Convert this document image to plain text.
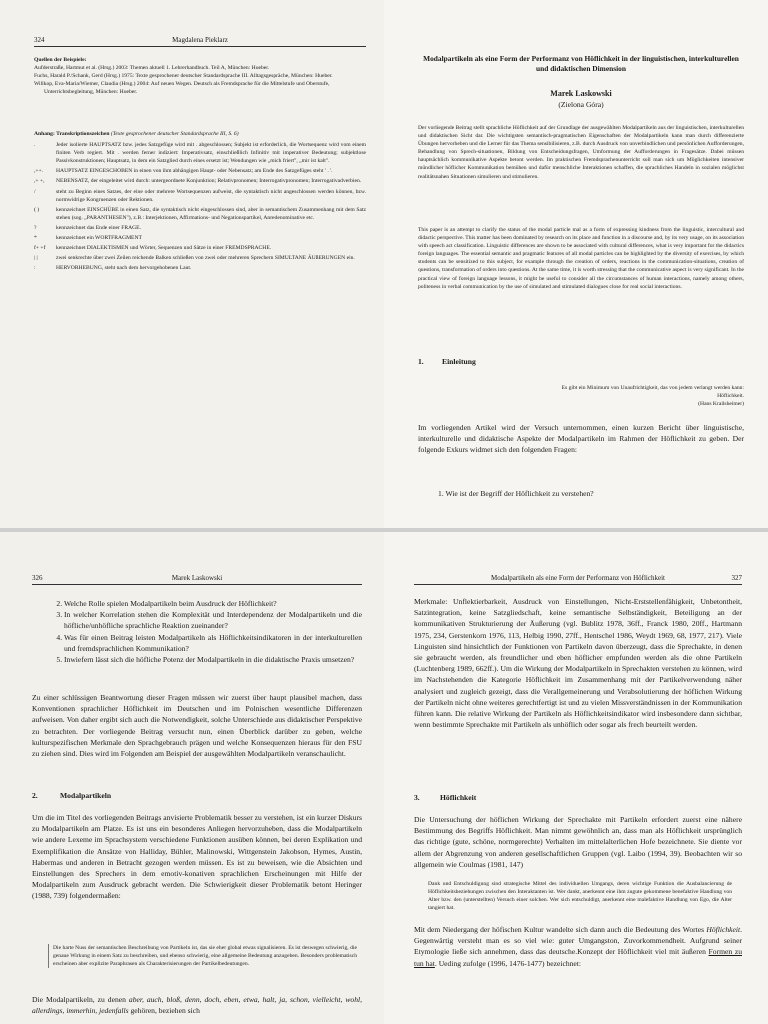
324	Magdalena Pieklarz
Quellen der Beispiele:
Aufderstraße, Hartmut et al. (Hrsg.) 2003: Themen aktuell 1. Lehrerhandbuch. Teil A, München: Hueber.
Fuchs, Harald P./Schank, Gerd (Hrsg.) 1975: Texte gesprochener deutscher Standardsprache III. Alltagsgespräche, München: Hueber.
Willkop, Eva-Maria/Wiemer, Claudia (Hrsg.) 2004: Auf neuen Wegen. Deutsch als Fremdsprache für die Mittelstufe und Oberstufe, Unterrichtsbegleitung, München: Hueber.
Anhang: Transkriptionszeichen (Texte gesprochener deutscher Standardsprache III, S. 6)
.	Jeder isolierte HAUPTSATZ bzw. jedes Satzgefüge wird mit . abgeschlossen; Subjekt ist erforderlich, die Wortsequenz wird vom einem finiten Verb regiert. Mit . werden ferner indiziert: Imperativsatz, einschließlich Infinitiv mit imperativer Bedeutung; subjektlose Passivkonstruktionen; Hauptsatz, in dem ein Satzglied durch eines ersetzt ist; Wendungen wie „mich friert", „mir ist kalt".
,++.	HAUPTSATZ EINGESCHOBEN in einen von ihm abhängigen Haupt- oder Nebensatz; am Ende des Satzgefüges steht ' . '.
,+ +,	NEBENSATZ, der eingeleitet wird durch: untergeordnete Konjunktion; Relativpronomen; Interrogativpronomen; Interrogativadverbien.
/	steht zu Beginn eines Satzes, der eine oder mehrere Wortsequenzen aufweist, die syntaktisch nicht angeschlossen werden können, bzw. normwidrige Kongruenzen oder Rektionen.
( )	kennzeichnet EINSCHÜBE in einen Satz, die syntaktisch nicht eingeschlossen sind, aber in semantischem Zusammenhang mit dem Satz stehen (sog. „PARANTHESEN"), z.B.: Interjektionen, Affirmations- und Negationspartikel, Anredenominative etc.
?	kennzeichnet das Ende einer FRAGE.
*	kennzeichnet ein WORTFRAGMENT
f+ +f	kennzeichnet DIALEKTISMEN und Wörter, Sequenzen und Sätze in einer FREMDSPRACHE.
| |	zwei senkrechte über zwei Zeilen reichende Balken schließen von zwei oder mehreren Sprechern SIMULTANE ÄUßERUNGEN ein.
:	HERVORHEBUNG, steht nach dem hervorgehobenen Laut.
Modalpartikeln als eine Form der Performanz von Höflichkeit in der linguistischen, interkulturellen und didaktischen Dimension
Marek Laskowski
(Zielona Góra)
Der vorliegende Beitrag stellt sprachliche Höflichkeit auf der Grundlage der ausgewählten Modalpartikeln aus der linguistischen, interkulturellen und didaktischen Sicht dar. Die wichtigsten semantisch-pragmatischen Eigenschaften der Modalpartikeln kann man durch differenzierte Übungen hervorheben und die Lerner für das Thema sensibilisieren, z.B. durch Ausdruck von unverbindlichen und persönlichen Aufforderungen, Behandlung von Sprech-situationen, Bildung von Entscheidungsfragen, Umformung der Aufforderungen in Fragesätze. Dabei müssen hauptsächlich kommunikative Aspekte betont werden. Im praktischen Fremdsprachenunterricht soll man sich um Möglichkeiten intensiver mündlicher höflicher Kommunikation bemühen und dafür menschliche Interaktionen schaffen, die sprachliches Handeln in sozialen möglichst realitätsnahen Situationen simulieren und stimulieren.
This paper is an attempt to clarify the status of the modal particle mal as a form of expressing kindness from the linguistic, intercultural and didactic perspective. This matter has been dominated by research on its place and function in a discourse and, by its very usage, on its association with speech act classification. Linguistic differences are shown to be associated with cultural differences, what is very important for the didactics foreign languages. The essential semantic and pragmatic features of all modal particles can be highlighted by the diversity of exercises, by which students can be sensitized to this subject, for example through the creation of orders, reactions in the communication-situations, creation of questions, transformation of orders into questions. At the same time, it is worth stressing that the communicative aspect is very significant. In the practical view of foreign language lessons, it might be useful to consider all the circumstances of human interactions, namely among others, politeness in verbal communication by the use of simulated and stimulated dialogues close for real social interactions.
1. Einleitung
Es gibt ein Minimum von Unaufrichtigkeit, das von jedem verlangt werden kann: Höflichkeit.
(Hans Krailsheimer)
Im vorliegenden Artikel wird der Versuch unternommen, einen kurzen Bericht über linguistische, interkulturelle und didaktische Aspekte der Modalpartikeln im Rahmen der Höflichkeit zu geben. Der folgende Exkurs widmet sich den folgenden Fragen:
1. Wie ist der Begriff der Höflichkeit zu verstehen?
326	Marek Laskowski
2. Welche Rolle spielen Modalpartikeln beim Ausdruck der Höflichkeit?
3. In welcher Korrelation stehen die Komplexität und Interdependenz der Modalpartikeln und die höfliche/unhöfliche sprachliche Reaktion zueinander?
4. Was für einen Beitrag leisten Modalpartikeln als Höflichkeitsindikatoren in der interkulturellen und fremdsprachlichen Kommunikation?
5. Inwiefern lässt sich die höfliche Potenz der Modalpartikeln in die didaktische Praxis umsetzen?
Zu einer schlüssigen Beantwortung dieser Fragen müssen wir zuerst über haupt plausibel machen, dass Konventionen sprachlicher Höflichkeit im Deutschen und im Polnischen wesentliche Differenzen aufweisen. Von daher ergibt sich auch die Notwendigkeit, solche Unterschiede aus didaktischer Perspektive zu betrachten. Der vorliegende Beitrag versucht nun, einen Überblick darüber zu geben, welche kulturspezifischen Merkmale den Sprachgebrauch prägen und welche Konsequenzen hieraus für den FSU zu ziehen sind. Dies wird im Folgenden am Beispiel der ausgewählten Modalpartikeln veranschaulicht.
2.	Modalpartikeln
Um die im Titel des vorliegenden Beitrags anvisierte Problematik besser zu verstehen, ist ein kurzer Diskurs zu Modalpartikeln am Platze. Es ist uns ein besonderes Anliegen hervorzuheben, dass die Modalpartikeln wie andere Lexeme im Sprachsystem verschiedene Funktionen ausüben können, bei deren Explikation und Exemplifikation die Ansätze von Halliday, Bühler, Malinowski, Wittgenstein Jakobson, Hymes, Austin, Habermas und anderen in Betracht gezogen werden müssen. Es ist zu beweisen, wie die Absichten und Einstellungen des Sprechers in dem emotiv-konativen sprachlichen Erscheinungen mit Hilfe der Modalpartikeln zum Ausdruck gebracht werden. Die Schwierigkeit dieser Problematik betont Heringer (1988, 739) folgendermaßen:
Die harte Nuss der semantischen Beschreibung von Partikeln ist, das sie eher global etwas signalisieren. Es ist deswegen schwierig, die genaue Wirkung in einem Satz zu beschreiben, und ebenso schwierig, eine allgemeine Bedeutung anzugeben. Besonders problematisch erscheinen aber explizite Paraphrasen als Charakterisierungen der Partikelbedeutungen.
Die Modalpartikeln, zu denen aber, auch, bloß, denn, doch, eben, etwa, halt, ja, schon, vielleicht, wohl, allerdings, immerhin, jedenfalls gehören, beziehen sich
Modalpartikeln als eine Form der Performanz von Höflichkeit	327
Merkmale: Unflektierbarkeit, Ausdruck von Einstellungen, Nicht-Erststellenfähigkeit, Unbetontheit, Satzintegration, keine Satzgliedschaft, keine semantische Selbständigkeit, Beteiligung an der kommunikativen Strukturierung der Äußerung (vgl. Bublitz 1978, 36ff., Franck 1980, 20ff., Hartmann 1975, 234, Gerstenkorn 1976, 113, Helbig 1990, 27ff., Hentschel 1986, Weydt 1969, 68, 1977, 217). Viele Linguisten sind hinsichtlich der Funktionen von Partikeln davon überzeugt, dass die Sprechakte, in denen sie gebraucht werden, als freundlicher und eben höflicher empfunden werden als die ohne Partikeln (Luchtenberg 1989, 662ff.). Um die Wirkung der Modalpartikeln in Sprechakten verstehen zu können, wird im Nachstehenden die Kategorie Höflichkeit im Zusammenhang mit der Partikelverwendung näher analysiert und zugleich gezeigt, dass die Verallgemeinerung und Verabsolutierung der höflichen Wirkung der Partikeln nicht ohne weiteres gerechtfertigt ist und zu vielen Missverständnissen in der Kommunikation führen kann. Die relative Wirkung der Partikeln als Höflichkeitsindikator wird insbesondere dann sichtbar, wenn bestimmte Sprechakte mit Partikeln als unhöflich oder sogar als frech beurteilt werden.
3.	Höflichkeit
Die Untersuchung der höflichen Wirkung der Sprechakte mit Partikeln erfordert zuerst eine nähere Bestimmung des Begriffs Höflichkeit. Man nimmt gewöhnlich an, dass man als Höflichkeit ursprünglich das richtige (gute, schöne, normgerechte) Verhalten im mittelalterlichen Hofe bezeichnete. Sie diente vor allem der Abgrenzung von anderen gesellschaftlichen Gruppen (vgl. Laibo (1994, 39). Beobachten wir so allgemein wie Coulmas (1981, 147)
Dank und Entschuldigung sind strategische Mittel des individuellen Umgangs, deren wichtige Funktion die Ausbalancierung de Höflichkeitsbeziehungen zwischen den Interaktanten ist. Wer dankt, anerkennt eine ihm zugute gekommene benefaktive Handlung von Alter bzw. den (unterstellten) Versuch einer solchen. Wer sich entschuldigt, anerkennt eine malefaktive Handlung von Ego, die Alter tangiert hat.
Mit dem Niedergang der höfischen Kultur wandelte sich dann auch die Bedeutung des Wortes Höflichkeit. Gegenwärtig versteht man es so viel wie: guter Umgangston, Zuvorkommendheit. Aufgrund seiner Etymologie ließe sich annehmen, dass das deutsche.Konzept der Höflichkeit viel mit äußeren Formen zu tun hat. Ueding zufolge (1996, 1476-1477) bezeichnet:
